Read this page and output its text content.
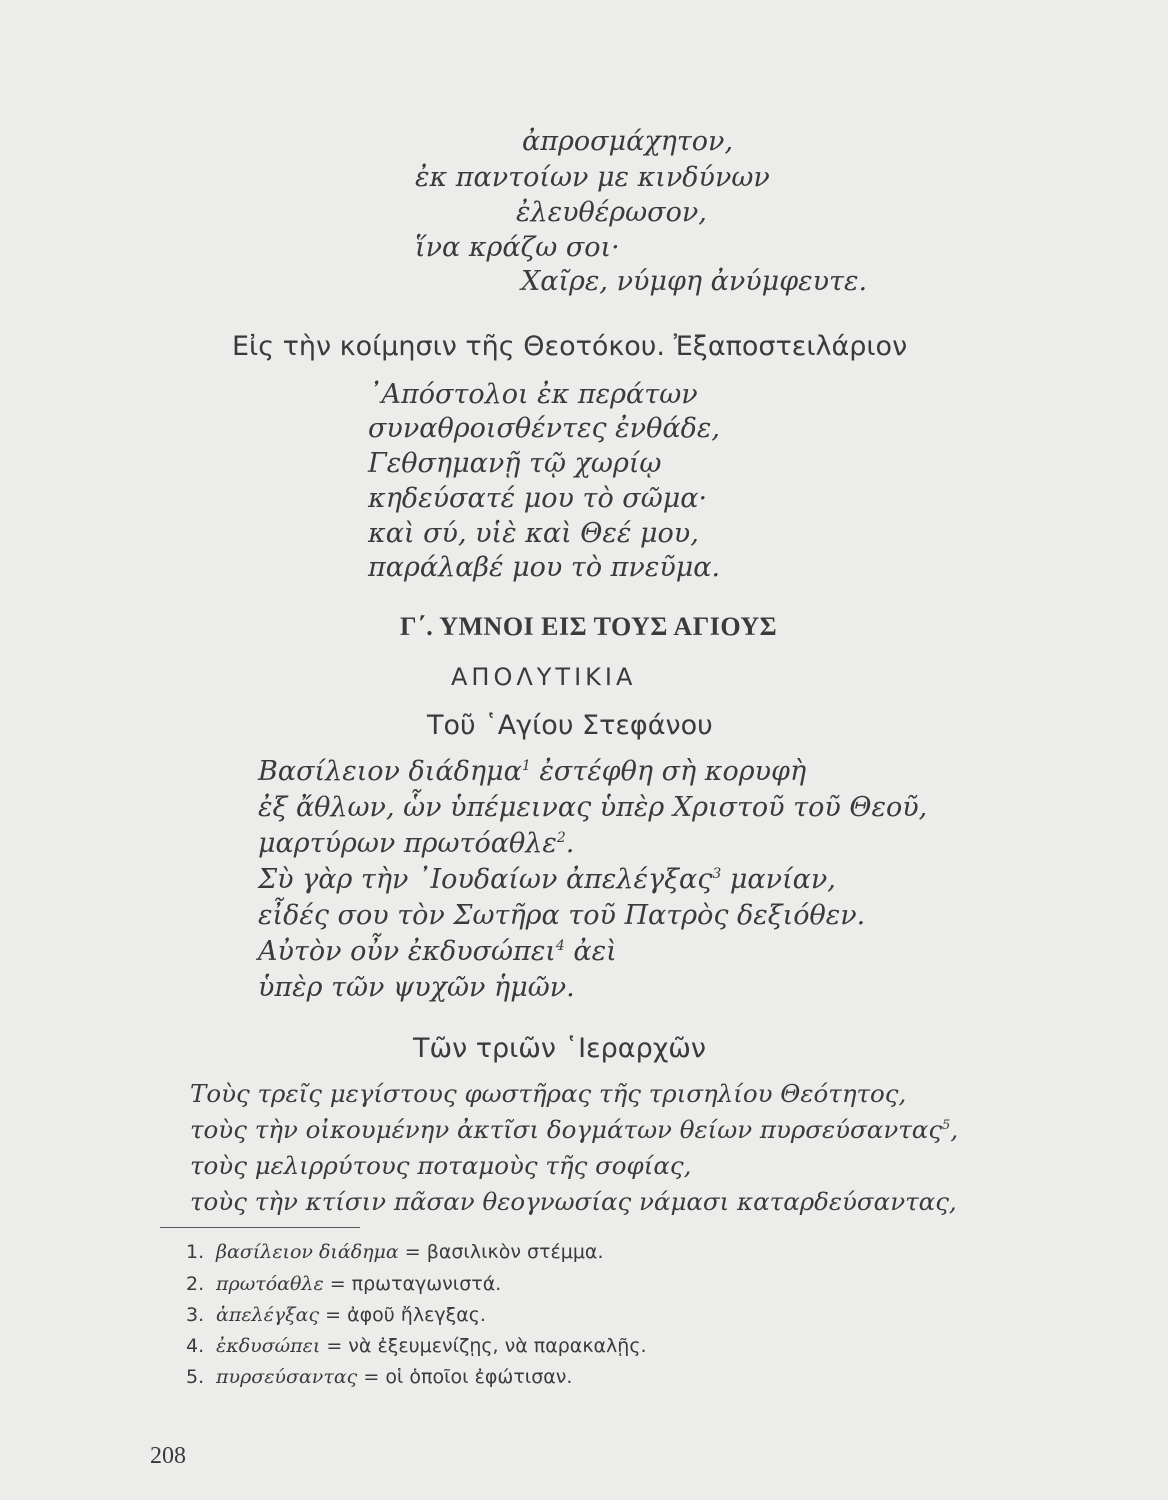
ἀπροσμάχητον,
ἐκ παντοίων με κινδύνων
ἐλευθέρωσον,
ἵνα κράζω σοι·
Χαῖρε, νύμφη ἀνύμφευτε.
Εἰς τὴν κοίμησιν τῆς Θεοτόκου. Ἐξαποστειλάριον
᾿Απόστολοι ἐκ περάτων
συναθροισθέντες ἐνθάδε,
Γεθσημανῇ τῷ χωρίῳ
κηδεύσατέ μου τὸ σῶμα·
καὶ σύ, υἱὲ καὶ Θεέ μου,
παράλαβέ μου τὸ πνεῦμα.
Γ΄. ΥΜΝΟΙ ΕΙΣ ΤΟΥΣ ΑΓΙΟΥΣ
ΑΠΟΛΥΤΙΚΙΑ
Τοῦ ῾Αγίου Στεφάνου
Βασίλειον διάδημα$^1$ ἐστέφθη σὴ κορυφὴ
ἐξ ἄθλων, ὧν ὑπέμεινας ὑπὲρ Χριστοῦ τοῦ Θεοῦ,
μαρτύρων πρωτόαθλε$^2$.
Σὺ γὰρ τὴν ᾿Ιουδαίων ἀπελέγξας$^3$ μανίαν,
εἶδές σου τὸν Σωτῆρα τοῦ Πατρὸς δεξιόθεν.
Αὐτὸν οὖν ἐκδυσώπει$^4$ ἀεὶ
ὑπὲρ τῶν ψυχῶν ἡμῶν.
Τῶν τριῶν ῾Ιεραρχῶν
Τοὺς τρεῖς μεγίστους φωστῆρας τῆς τρισηλίου Θεότητος,
τοὺς τὴν οἰκουμένην ἀκτῖσι δογμάτων θείων πυρσεύσαντας$^5$,
τοὺς μελιρρύτους ποταμοὺς τῆς σοφίας,
τοὺς τὴν κτίσιν πᾶσαν θεογνωσίας νάμασι καταρδεύσαντας,
1. βασίλειον διάδημα = βασιλικὸν στέμμα.
2. πρωτόαθλε = πρωταγωνιστά.
3. ἀπελέγξας = ἀφοῦ ἤλεγξας.
4. ἐκδυσώπει = νὰ ἐξευμενίζῃς, νὰ παρακαλῇς.
5. πυρσεύσαντας = οἱ ὁποῖοι ἐφώτισαν.
208
